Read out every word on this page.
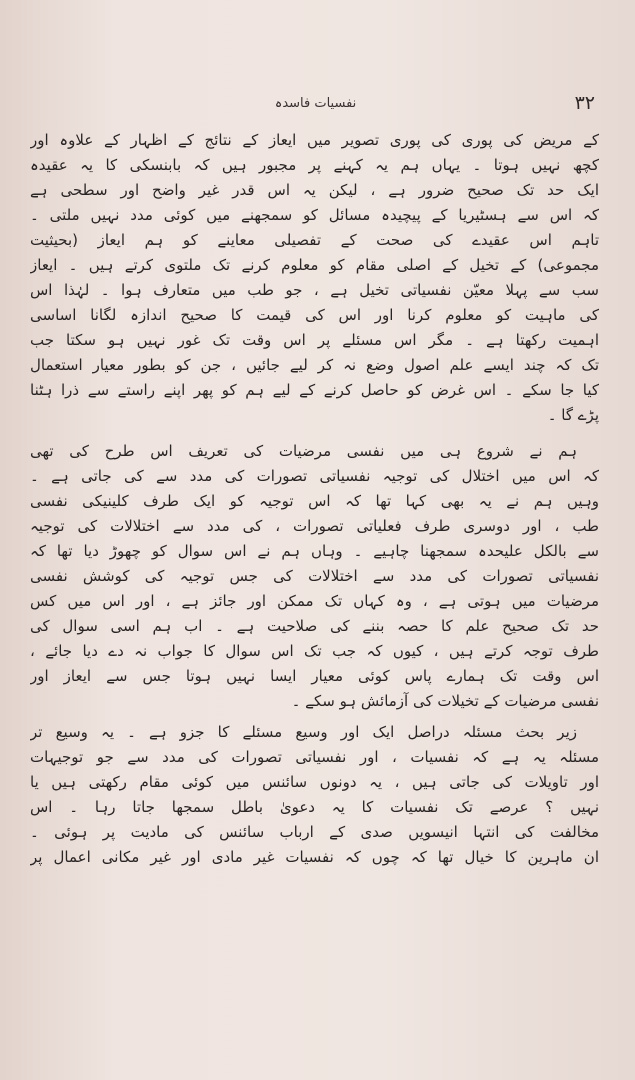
۳۲
نفسیات فاسدہ
کے مریض کی پوری کی پوری تصویر میں ایعاز کے نتائج کے اظہار کے علاوہ اور
کچھ نہیں ہوتا ۔ یہاں ہم یہ کہنے پر مجبور ہیں کہ بابنسکی کا یہ عقیدہ
ایک حد تک صحیح ضرور ہے ، لیکن یہ اس قدر غیر واضح اور سطحی ہے
کہ اس سے ہسٹیریا کے پیچیدہ مسائل کو سمجھنے میں کوئی مدد نہیں ملتی ۔
تاہم اس عقیدے کی صحت کے تفصیلی معاینے کو ہم ایعاز (بحیثیت
مجموعی) کے تخیل کے اصلی مقام کو معلوم کرنے تک ملتوی کرتے ہیں ۔ ایعاز
سب سے پہلا معیّن نفسیاتی تخیل ہے ، جو طب میں متعارف ہوا ۔ لہٰذا اس
کی ماہیت کو معلوم کرنا اور اس کی قیمت کا صحیح اندازہ لگانا اساسی
اہمیت رکھتا ہے ۔ مگر اس مسئلے پر اس وقت تک غور نہیں ہو سکتا جب
تک کہ چند ایسے علم اصول وضع نہ کر لیے جائیں ، جن کو بطور معیار استعمال
کیا جا سکے ۔ اس غرض کو حاصل کرنے کے لیے ہم کو پھر اپنے راستے سے ذرا ہٹنا
پڑے گا ۔
ہم نے شروع ہی میں نفسی مرضیات کی تعریف اس طرح کی تھی
کہ اس میں اختلال کی توجیہ نفسیاتی تصورات کی مدد سے کی جاتی ہے ۔
وہیں ہم نے یہ بھی کہا تھا کہ اس توجیہ کو ایک طرف کلینیکی نفسی
طب ، اور دوسری طرف فعلیاتی تصورات ، کی مدد سے اختلالات کی توجیہ
سے بالکل علیحدہ سمجھنا چاہیے ۔ وہاں ہم نے اس سوال کو چھوڑ دیا تھا کہ
نفسیاتی تصورات کی مدد سے اختلالات کی جس توجیہ کی کوشش نفسی
مرضیات میں ہوتی ہے ، وہ کہاں تک ممکن اور جائز ہے ، اور اس میں کس
حد تک صحیح علم کا حصہ بننے کی صلاحیت ہے ۔ اب ہم اسی سوال کی
طرف توجہ کرتے ہیں ، کیوں کہ جب تک اس سوال کا جواب نہ دے دیا جائے ،
اس وقت تک ہمارے پاس کوئی معیار ایسا نہیں ہوتا جس سے ایعاز اور
نفسی مرضیات کے تخیلات کی آزمائش ہو سکے ۔
زیر بحث مسئلہ دراصل ایک اور وسیع مسئلے کا جزو ہے ۔ یہ وسیع تر
مسئلہ یہ ہے کہ نفسیات ، اور نفسیاتی تصورات کی مدد سے جو توجیہات
اور تاویلات کی جاتی ہیں ، یہ دونوں سائنس میں کوئی مقام رکھتی ہیں یا
نہیں ؟ عرصے تک نفسیات کا یہ دعویٰ باطل سمجھا جاتا رہا ۔ اس
مخالفت کی انتہا انیسویں صدی کے ارباب سائنس کی مادیت پر ہوئی ۔
ان ماہرین کا خیال تھا کہ چوں کہ نفسیات غیر مادی اور غیر مکانی اعمال پر
